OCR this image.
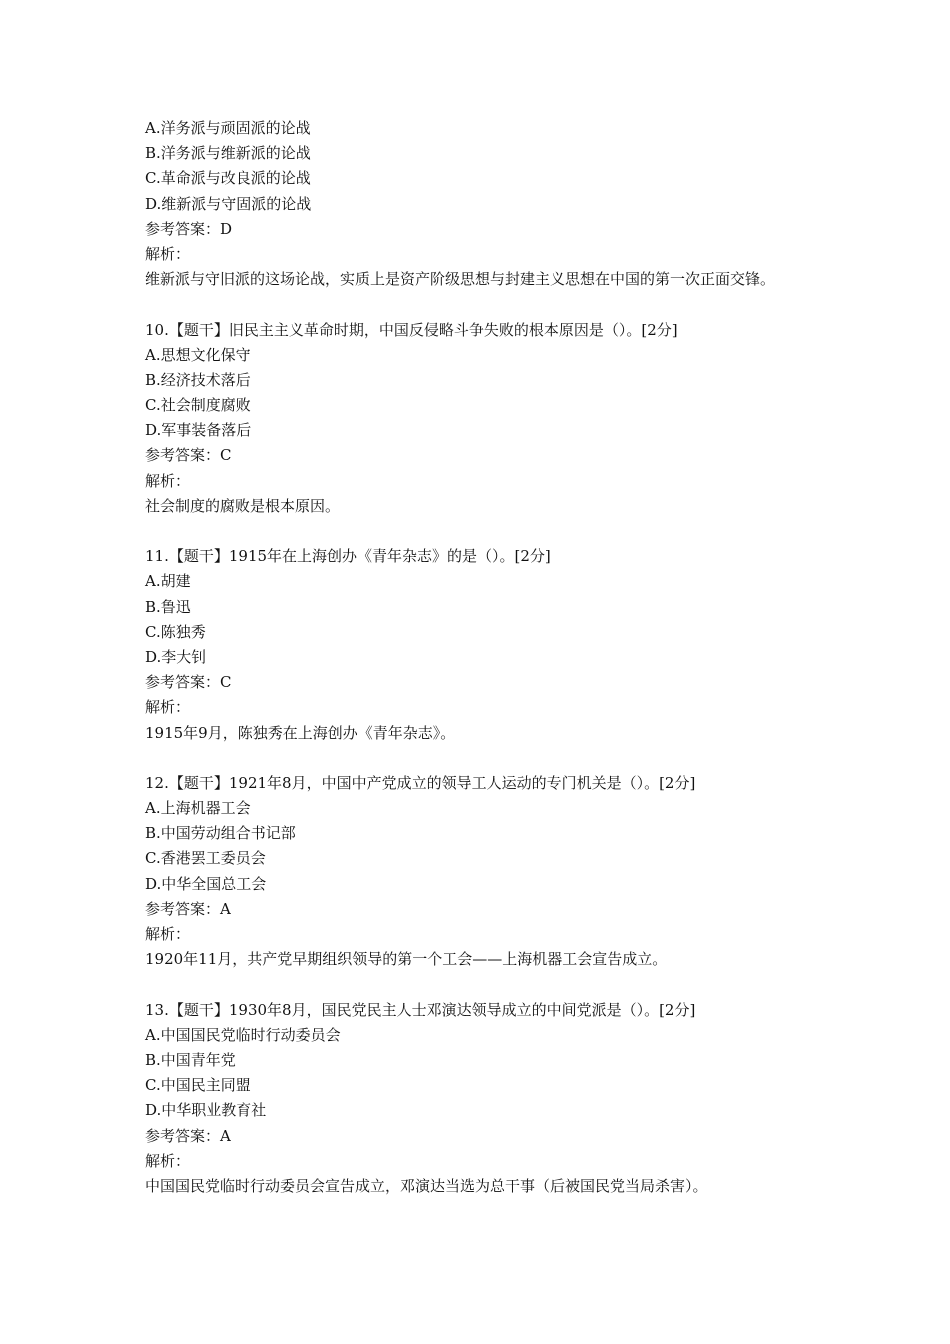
A.洋务派与顽固派的论战
B.洋务派与维新派的论战
C.革命派与改良派的论战
D.维新派与守固派的论战
参考答案：D
解析：
维新派与守旧派的这场论战，实质上是资产阶级思想与封建主义思想在中国的第一次正面交锋。
10.【题干】旧民主主义革命时期，中国反侵略斗争失败的根本原因是（）。[2分]
A.思想文化保守
B.经济技术落后
C.社会制度腐败
D.军事装备落后
参考答案：C
解析：
社会制度的腐败是根本原因。
11.【题干】1915年在上海创办《青年杂志》的是（）。[2分]
A.胡建
B.鲁迅
C.陈独秀
D.李大钊
参考答案：C
解析：
1915年9月，陈独秀在上海创办《青年杂志》。
12.【题干】1921年8月，中国中产党成立的领导工人运动的专门机关是（）。[2分]
A.上海机器工会
B.中国劳动组合书记部
C.香港罢工委员会
D.中华全国总工会
参考答案：A
解析：
1920年11月，共产党早期组织领导的第一个工会——上海机器工会宣告成立。
13.【题干】1930年8月，国民党民主人士邓演达领导成立的中间党派是（）。[2分]
A.中国国民党临时行动委员会
B.中国青年党
C.中国民主同盟
D.中华职业教育社
参考答案：A
解析：
中国国民党临时行动委员会宣告成立，邓演达当选为总干事（后被国民党当局杀害）。
